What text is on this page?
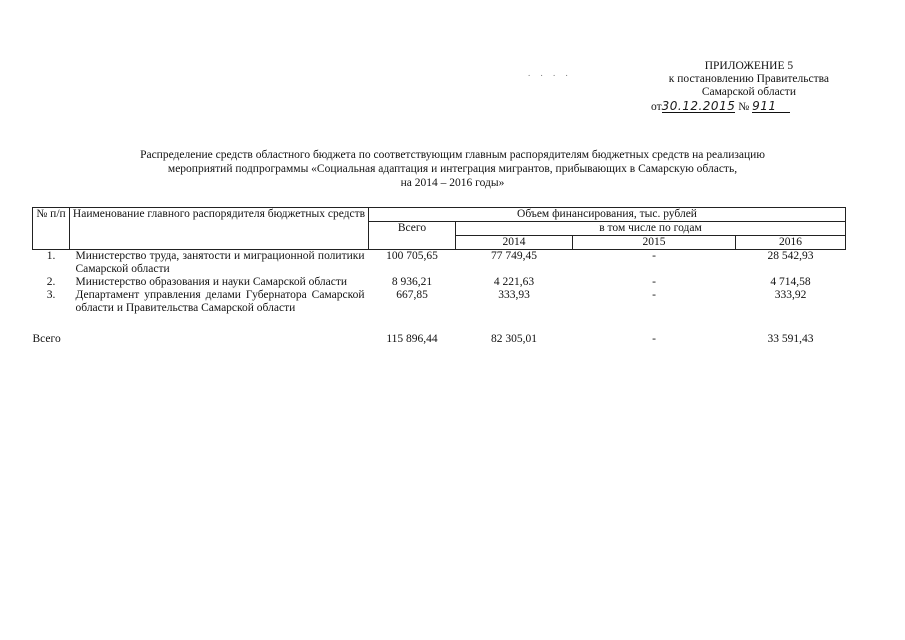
. . . .
ПРИЛОЖЕНИЕ 5
к постановлению Правительства
Самарской области
от30.12.2015 № 911
Распределение средств областного бюджета по соответствующим главным распорядителям бюджетных средств на реализацию
мероприятий подпрограммы «Социальная адаптация и интеграция мигрантов, прибывающих в Самарскую область,
на 2014 – 2016 годы»
№ п/п	Наименование главного распорядителя бюджетных средств	Объем финансирования, тыс. рублей			
		Всего	в том числе по годам		
			2014	2015	2016
1.	Министерство труда, занятости и миграционной политики Самарской области	100 705,65	77 749,45	-	28 542,93
2.	Министерство образования и науки Самарской области	8 936,21	4 221,63	-	4 714,58
3.	Департамент управления делами Губернатора Самарской области и Правительства Самарской области	667,85	333,93	-	333,92

Всего		115 896,44	82 305,01	-	33 591,43
